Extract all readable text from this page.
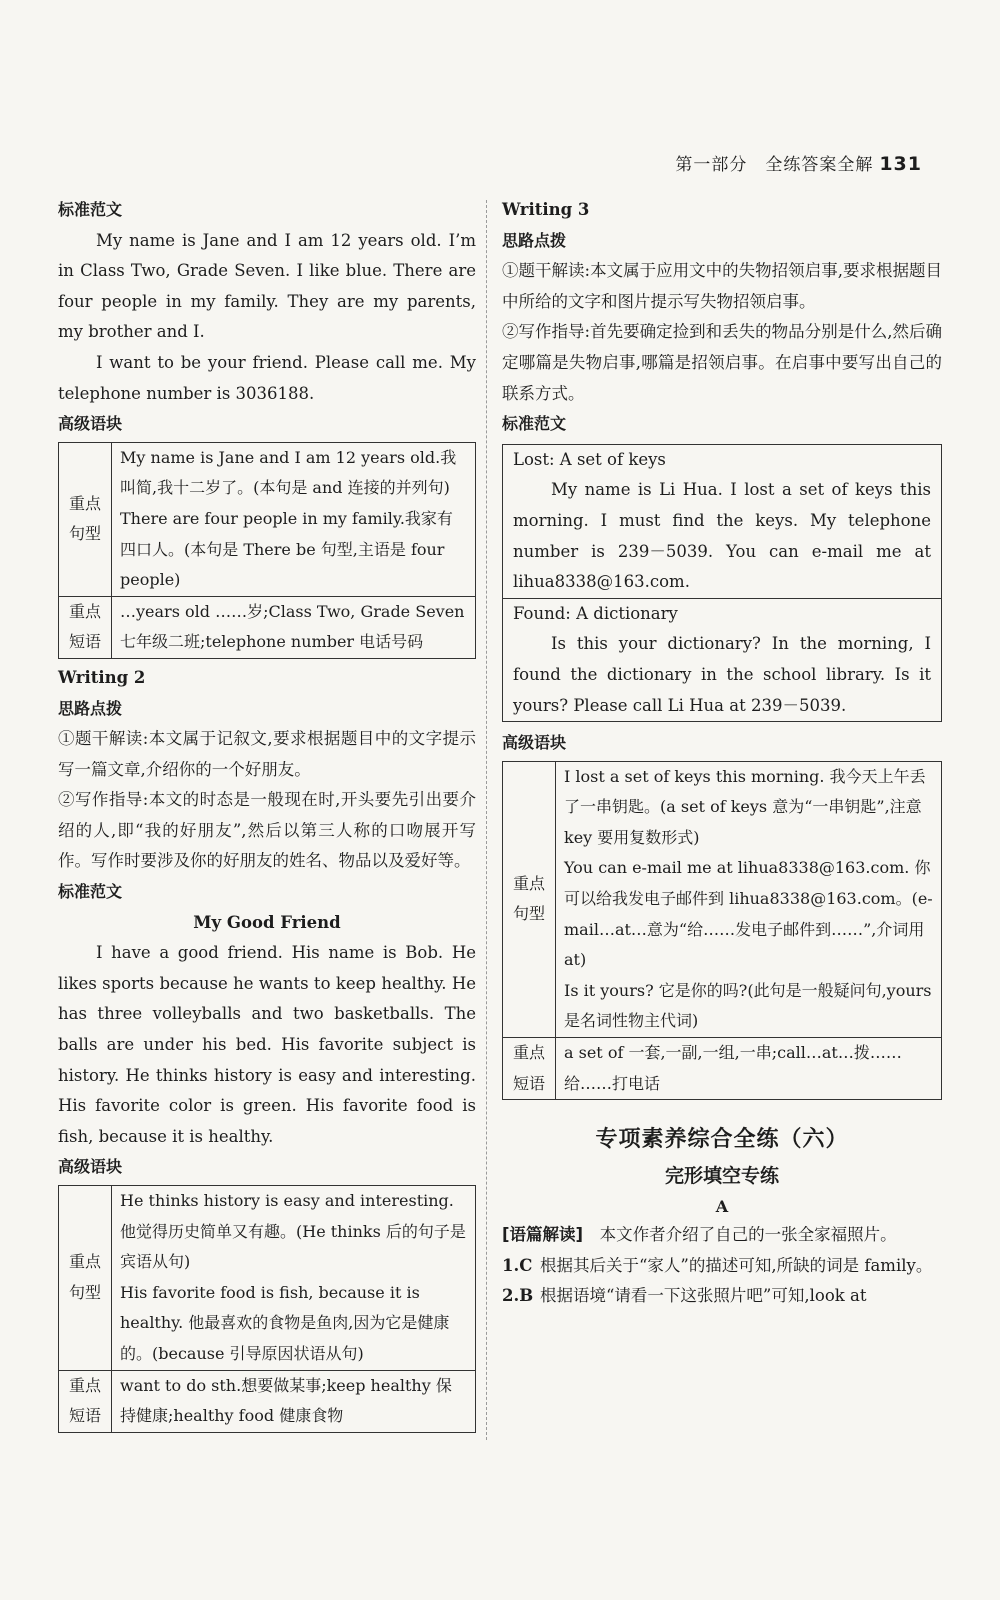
第一部分　全练答案全解 131

标准范文

My name is Jane and I am 12 years old. I’m in Class Two, Grade Seven. I like blue. There are four people in my family. They are my parents, my brother and I.

I want to be your friend. Please call me. My telephone number is 3036188.

高级语块

重点句型	My name is Jane and I am 12 years old.我叫简,我十二岁了。(本句是 and 连接的并列句)
There are four people in my family.我家有四口人。(本句是 There be 句型,主语是 four people)

重点短语	…years old ……岁;Class Two, Grade Seven 七年级二班;telephone number 电话号码

Writing 2

思路点拨

①题干解读:本文属于记叙文,要求根据题目中的文字提示写一篇文章,介绍你的一个好朋友。

②写作指导:本文的时态是一般现在时,开头要先引出要介绍的人,即“我的好朋友”,然后以第三人称的口吻展开写作。写作时要涉及你的好朋友的姓名、物品以及爱好等。

标准范文

My Good Friend

I have a good friend. His name is Bob. He likes sports because he wants to keep healthy. He has three volleyballs and two basketballs. The balls are under his bed. His favorite subject is history. He thinks history is easy and interesting. His favorite color is green. His favorite food is fish, because it is healthy.

高级语块

重点句型	He thinks history is easy and interesting. 他觉得历史简单又有趣。(He thinks 后的句子是宾语从句)
His favorite food is fish, because it is healthy. 他最喜欢的食物是鱼肉,因为它是健康的。(because 引导原因状语从句)

重点短语	want to do sth.想要做某事;keep healthy 保持健康;healthy food 健康食物

Writing 3

思路点拨

①题干解读:本文属于应用文中的失物招领启事,要求根据题目中所给的文字和图片提示写失物招领启事。

②写作指导:首先要确定捡到和丢失的物品分别是什么,然后确定哪篇是失物启事,哪篇是招领启事。在启事中要写出自己的联系方式。

标准范文

Lost: A set of keys

My name is Li Hua. I lost a set of keys this morning. I must find the keys. My telephone number is 239－5039. You can e-mail me at lihua8338@163.com.

Found: A dictionary

Is this your dictionary? In the morning, I found the dictionary in the school library. Is it yours? Please call Li Hua at 239－5039.

高级语块

重点句型	I lost a set of keys this morning. 我今天上午丢了一串钥匙。(a set of keys 意为“一串钥匙”,注意 key 要用复数形式)
You can e-mail me at lihua8338@163.com. 你可以给我发电子邮件到 lihua8338@163.com。(e-mail…at…意为“给……发电子邮件到……”,介词用 at)
Is it yours? 它是你的吗?(此句是一般疑问句,yours 是名词性物主代词)

重点短语	a set of 一套,一副,一组,一串;call…at…拨……给……打电话
专项素养综合全练（六）
完形填空专练

A

[语篇解读]　 本文作者介绍了自己的一张全家福照片。

1.C 根据其后关于“家人”的描述可知,所缺的词是 family。
2.B 根据语境“请看一下这张照片吧”可知,look at
